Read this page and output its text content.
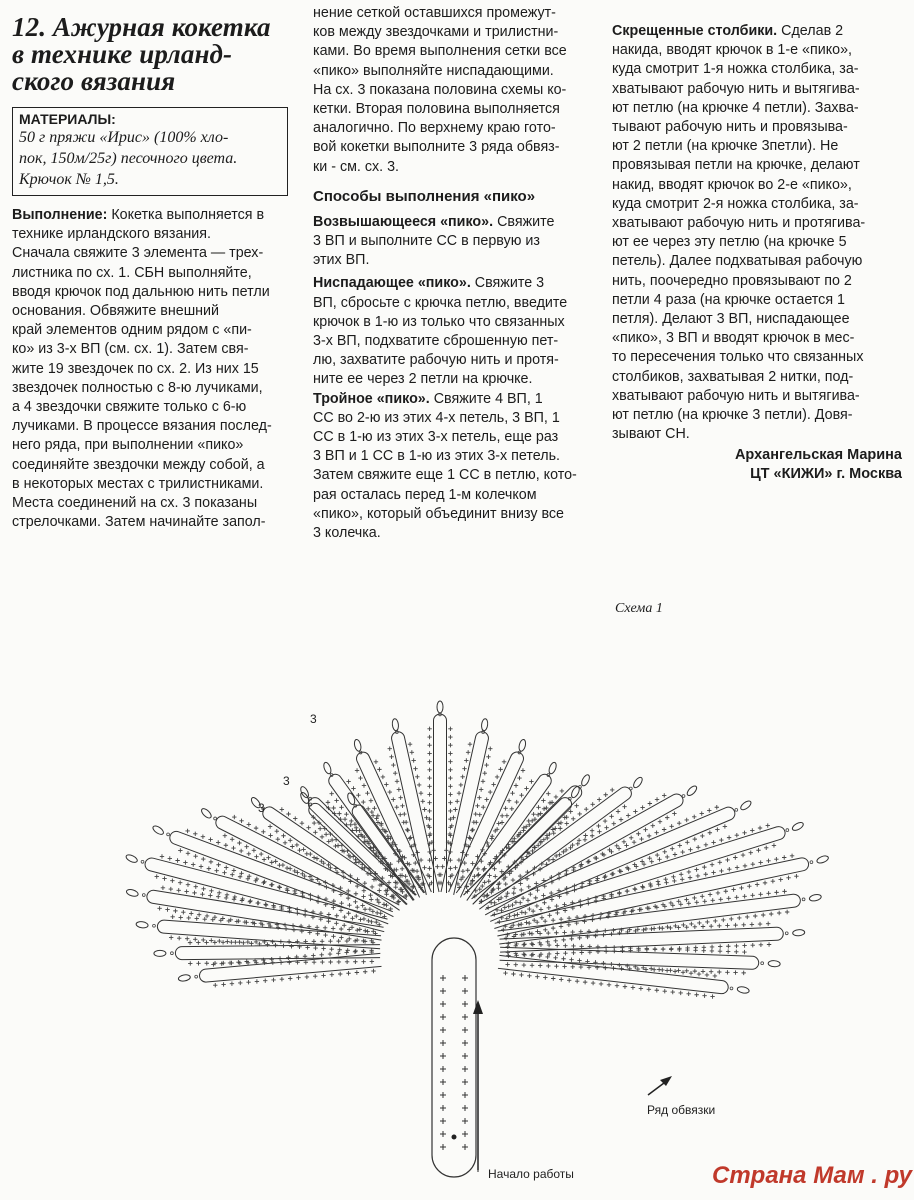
12. Ажурная кокетка
в технике ирланд-
ского вязания
МАТЕРИАЛЫ:
50 г пряжи «Ирис» (100% хло-
пок, 150м/25г) песочного цвета.
Крючок № 1,5.
Выполнение: Кокетка выполняется в
технике ирландского вязания.
Сначала свяжите 3 элемента — трех-
листника по сх. 1. СБН выполняйте,
вводя крючок под дальнюю нить петли
основания. Обвяжите внешний
край элементов одним рядом с «пи-
ко» из 3-х ВП (см. сх. 1). Затем свя-
жите 19 звездочек по сх. 2. Из них 15
звездочек полностью с 8-ю лучиками,
а 4 звездочки свяжите только с 6-ю
лучиками. В процессе вязания послед-
него ряда, при выполнении «пико»
соединяйте звездочки между собой, а
в некоторых местах с трилистниками.
Места соединений на сх. 3 показаны
стрелочками. Затем начинайте запол-
нение сеткой оставшихся промежут-
ков между звездочками и трилистни-
ками. Во время выполнения сетки все
«пико» выполняйте ниспадающими.
На сх. 3 показана половина схемы ко-
кетки. Вторая половина выполняется
аналогично. По верхнему краю гото-
вой кокетки выполните 3 ряда обвяз-
ки - см. сх. 3.
Способы выполнения «пико»
Возвышающееся «пико». Свяжите
3 ВП и выполните СС в первую из
этих ВП.
Ниспадающее «пико». Свяжите 3
ВП, сбросьте с крючка петлю, введите
крючок в 1-ю из только что связанных
3-х ВП, подхватите сброшенную пет-
лю, захватите рабочую нить и протя-
ните ее через 2 петли на крючке.
Тройное «пико». Свяжите 4 ВП, 1
СС во 2-ю из этих 4-х петель, 3 ВП, 1
СС в 1-ю из этих 3-х петель, еще раз
3 ВП и 1 СС в 1-ю из этих 3-х петель.
Затем свяжите еще 1 СС в петлю, кото-
рая осталась перед 1-м колечком
«пико», который объединит внизу все
3 колечка.
Скрещенные столбики. Сделав 2
накида, вводят крючок в 1-е «пико»,
куда смотрит 1-я ножка столбика, за-
хватывают рабочую нить и вытягива-
ют петлю (на крючке 4 петли). Захва-
тывают рабочую нить и провязыва-
ют 2 петли (на крючке 3петли). Не
провязывая петли на крючке, делают
накид, вводят крючок во 2-е «пико»,
куда смотрит 2-я ножка столбика, за-
хватывают рабочую нить и протягива-
ют ее через эту петлю (на крючке 5
петель). Далее подхватывая рабочую
нить, поочередно провязывают по 2
петли 4 раза (на крючке остается 1
петля). Делают 3 ВП, ниспадающее
«пико», 3 ВП и вводят крючок в мес-
то пересечения только что связанных
столбиков, захватывая 2 нитки, под-
хватывают рабочую нить и вытягива-
ют петлю (на крючке 3 петли). Довя-
зывают СН.
Архангельская Марина
ЦТ «КИЖИ» г. Москва
Схема 1
Ряд обвязки
Начало работы
3
3
3
Страна Мам . ру
